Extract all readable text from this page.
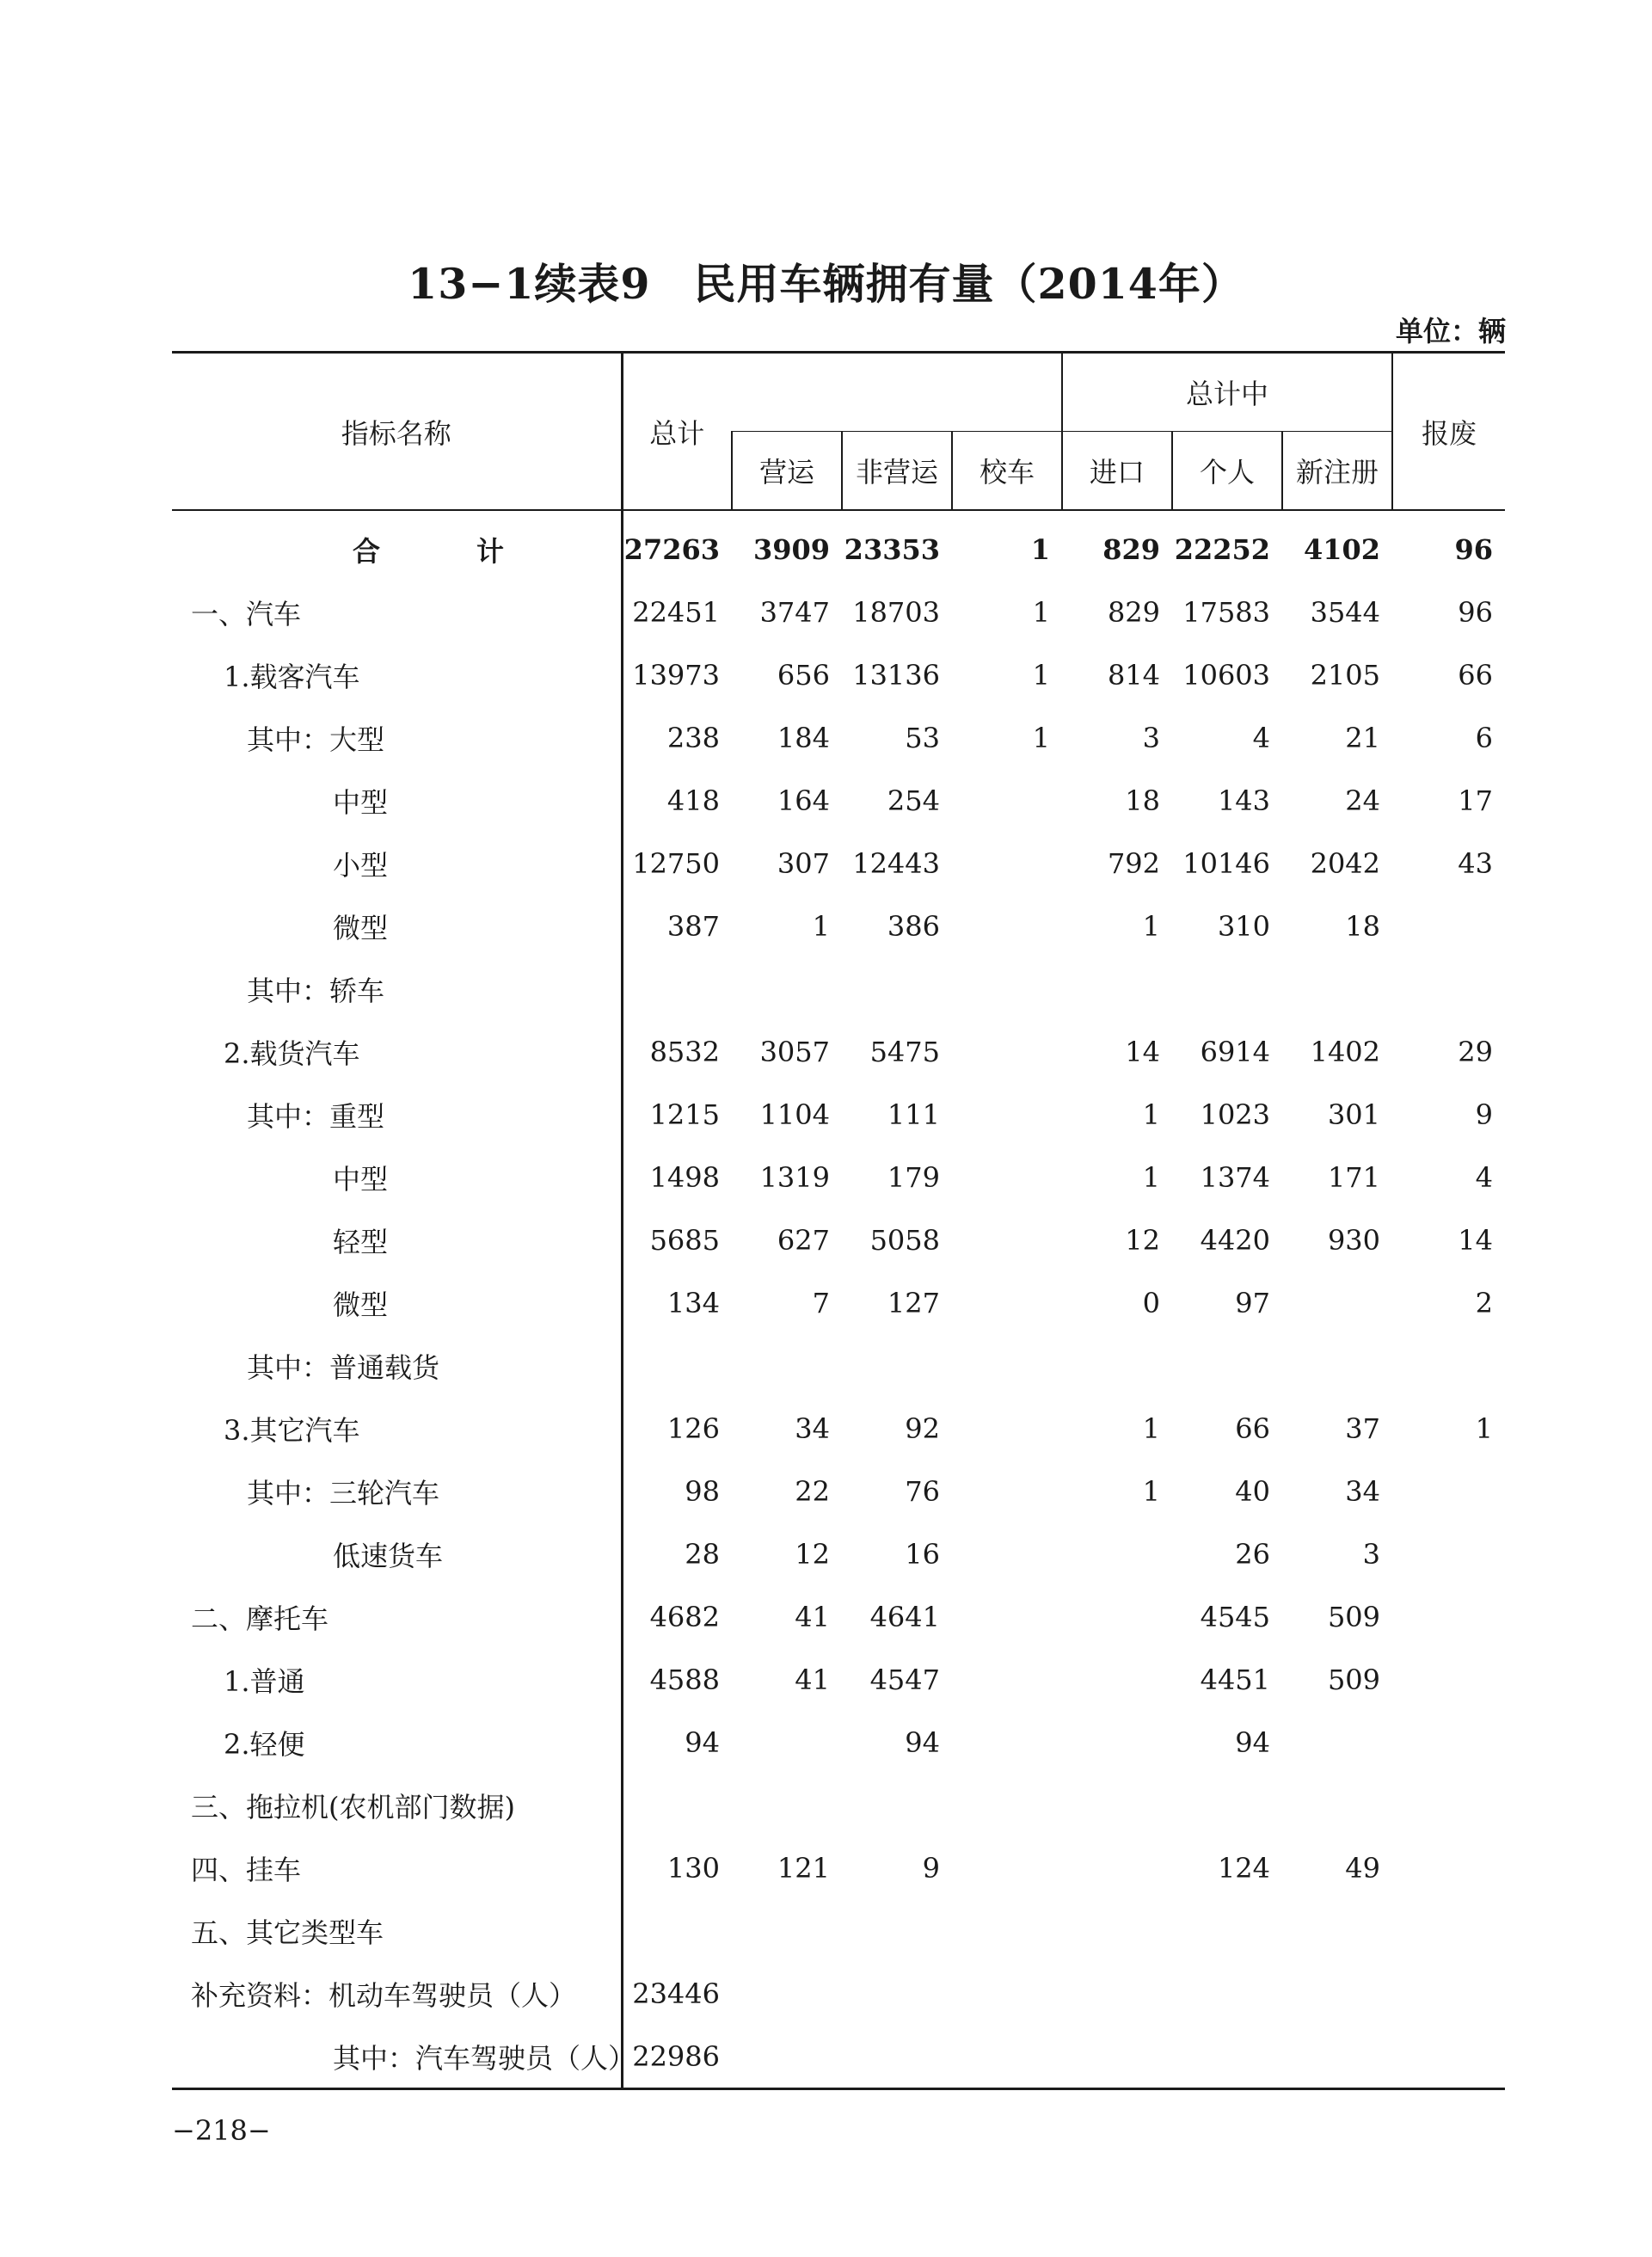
13−1续表9　民用车辆拥有量（2014年）
单位：辆
指标名称	总计				总计中			报废
		营运	非营运	校车	进口	个人	新注册	
合　计	27263	3909	23353	1	829	22252	4102	96
一、汽车	22451	3747	18703	1	829	17583	3544	96
1.载客汽车	13973	656	13136	1	814	10603	2105	66
其中：大型	238	184	53	1	3	4	21	6
中型	418	164	254		18	143	24	17
小型	12750	307	12443		792	10146	2042	43
微型	387	1	386		1	310	18	
其中：轿车								
2.载货汽车	8532	3057	5475		14	6914	1402	29
其中：重型	1215	1104	111		1	1023	301	9
中型	1498	1319	179		1	1374	171	4
轻型	5685	627	5058		12	4420	930	14
微型	134	7	127		0	97		2
其中：普通载货								
3.其它汽车	126	34	92		1	66	37	1
其中：三轮汽车	98	22	76		1	40	34	
低速货车	28	12	16			26	3	
二、摩托车	4682	41	4641			4545	509	
1.普通	4588	41	4547			4451	509	
2.轻便	94		94			94		
三、拖拉机(农机部门数据)								
四、挂车	130	121	9			124	49	
五、其它类型车								
补充资料：机动车驾驶员（人）	23446							
其中：汽车驾驶员（人）	22986							
−218−
